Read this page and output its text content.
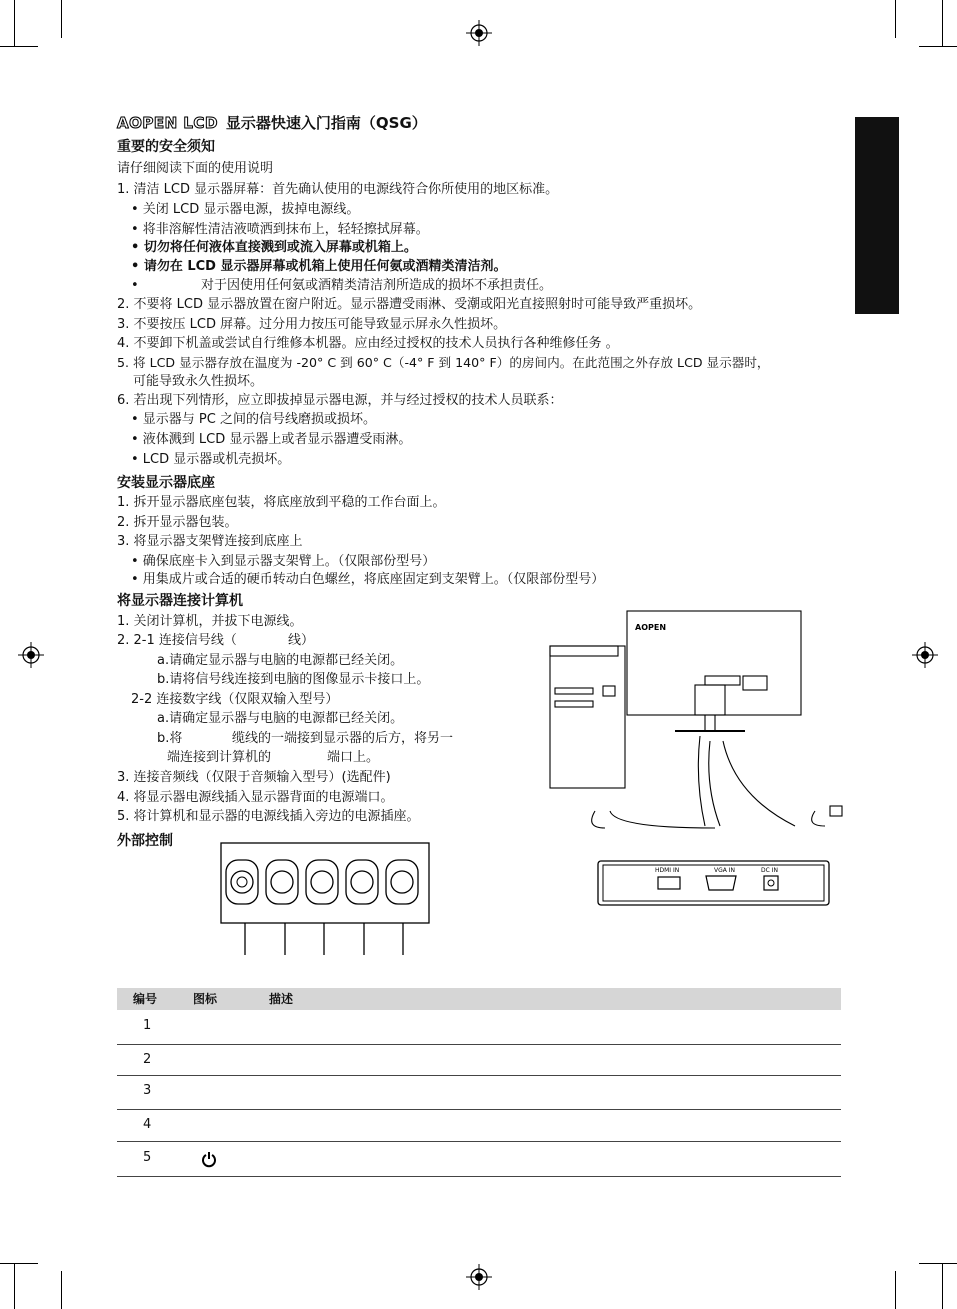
AOPEN LCD 显示器快速入门指南（QSG）
重要的安全须知
请仔细阅读下面的使用说明
1. 清洁 LCD 显示器屏幕：首先确认使用的电源线符合你所使用的地区标准。
• 关闭 LCD 显示器电源，拔掉电源线。
• 将非溶解性清洁液喷洒到抹布上，轻轻擦拭屏幕。
• 切勿将任何液体直接溅到或流入屏幕或机箱上。
• 请勿在 LCD 显示器屏幕或机箱上使用任何氨或酒精类清洁剂。
•	对于因使用任何氨或酒精类清洁剂所造成的损坏不承担责任。
2. 不要将 LCD 显示器放置在窗户附近。显示器遭受雨淋、受潮或阳光直接照射时可能导致严重损坏。
3. 不要按压 LCD 屏幕。过分用力按压可能导致显示屏永久性损坏。
4. 不要卸下机盖或尝试自行维修本机器。应由经过授权的技术人员执行各种维修任务 。
5. 将 LCD 显示器存放在温度为 -20° C 到 60° C（-4° F 到 140° F）的房间内。在此范围之外存放 LCD 显示器时，
可能导致永久性损坏。
6. 若出现下列情形，应立即拔掉显示器电源，并与经过授权的技术人员联系：
• 显示器与 PC 之间的信号线磨损或损坏。
• 液体溅到 LCD 显示器上或者显示器遭受雨淋。
• LCD 显示器或机壳损坏。
安装显示器底座
1. 拆开显示器底座包装，将底座放到平稳的工作台面上。
2. 拆开显示器包装。
3. 将显示器支架臂连接到底座上
• 确保底座卡入到显示器支架臂上。（仅限部份型号）
• 用集成片或合适的硬币转动白色螺丝，将底座固定到支架臂上。（仅限部份型号）
将显示器连接计算机
1. 关闭计算机，并拔下电源线。
2. 2-1 连接信号线（	线）
a.请确定显示器与电脑的电源都已经关闭。
b.请将信号线连接到电脑的图像显示卡接口上。
2-2 连接数字线（仅限双输入型号）
a.请确定显示器与电脑的电源都已经关闭。
b.将	缆线的一端接到显示器的后方，将另一
端连接到计算机的	端口上。
3. 连接音频线（仅限于音频输入型号）(选配件)
4. 将显示器电源线插入显示器背面的电源端口。
5. 将计算机和显示器的电源线插入旁边的电源插座。
外部控制
AOPEN
HDMI IN	VGA IN	DC IN
编号	图标	描述
1
2
3
4
5
